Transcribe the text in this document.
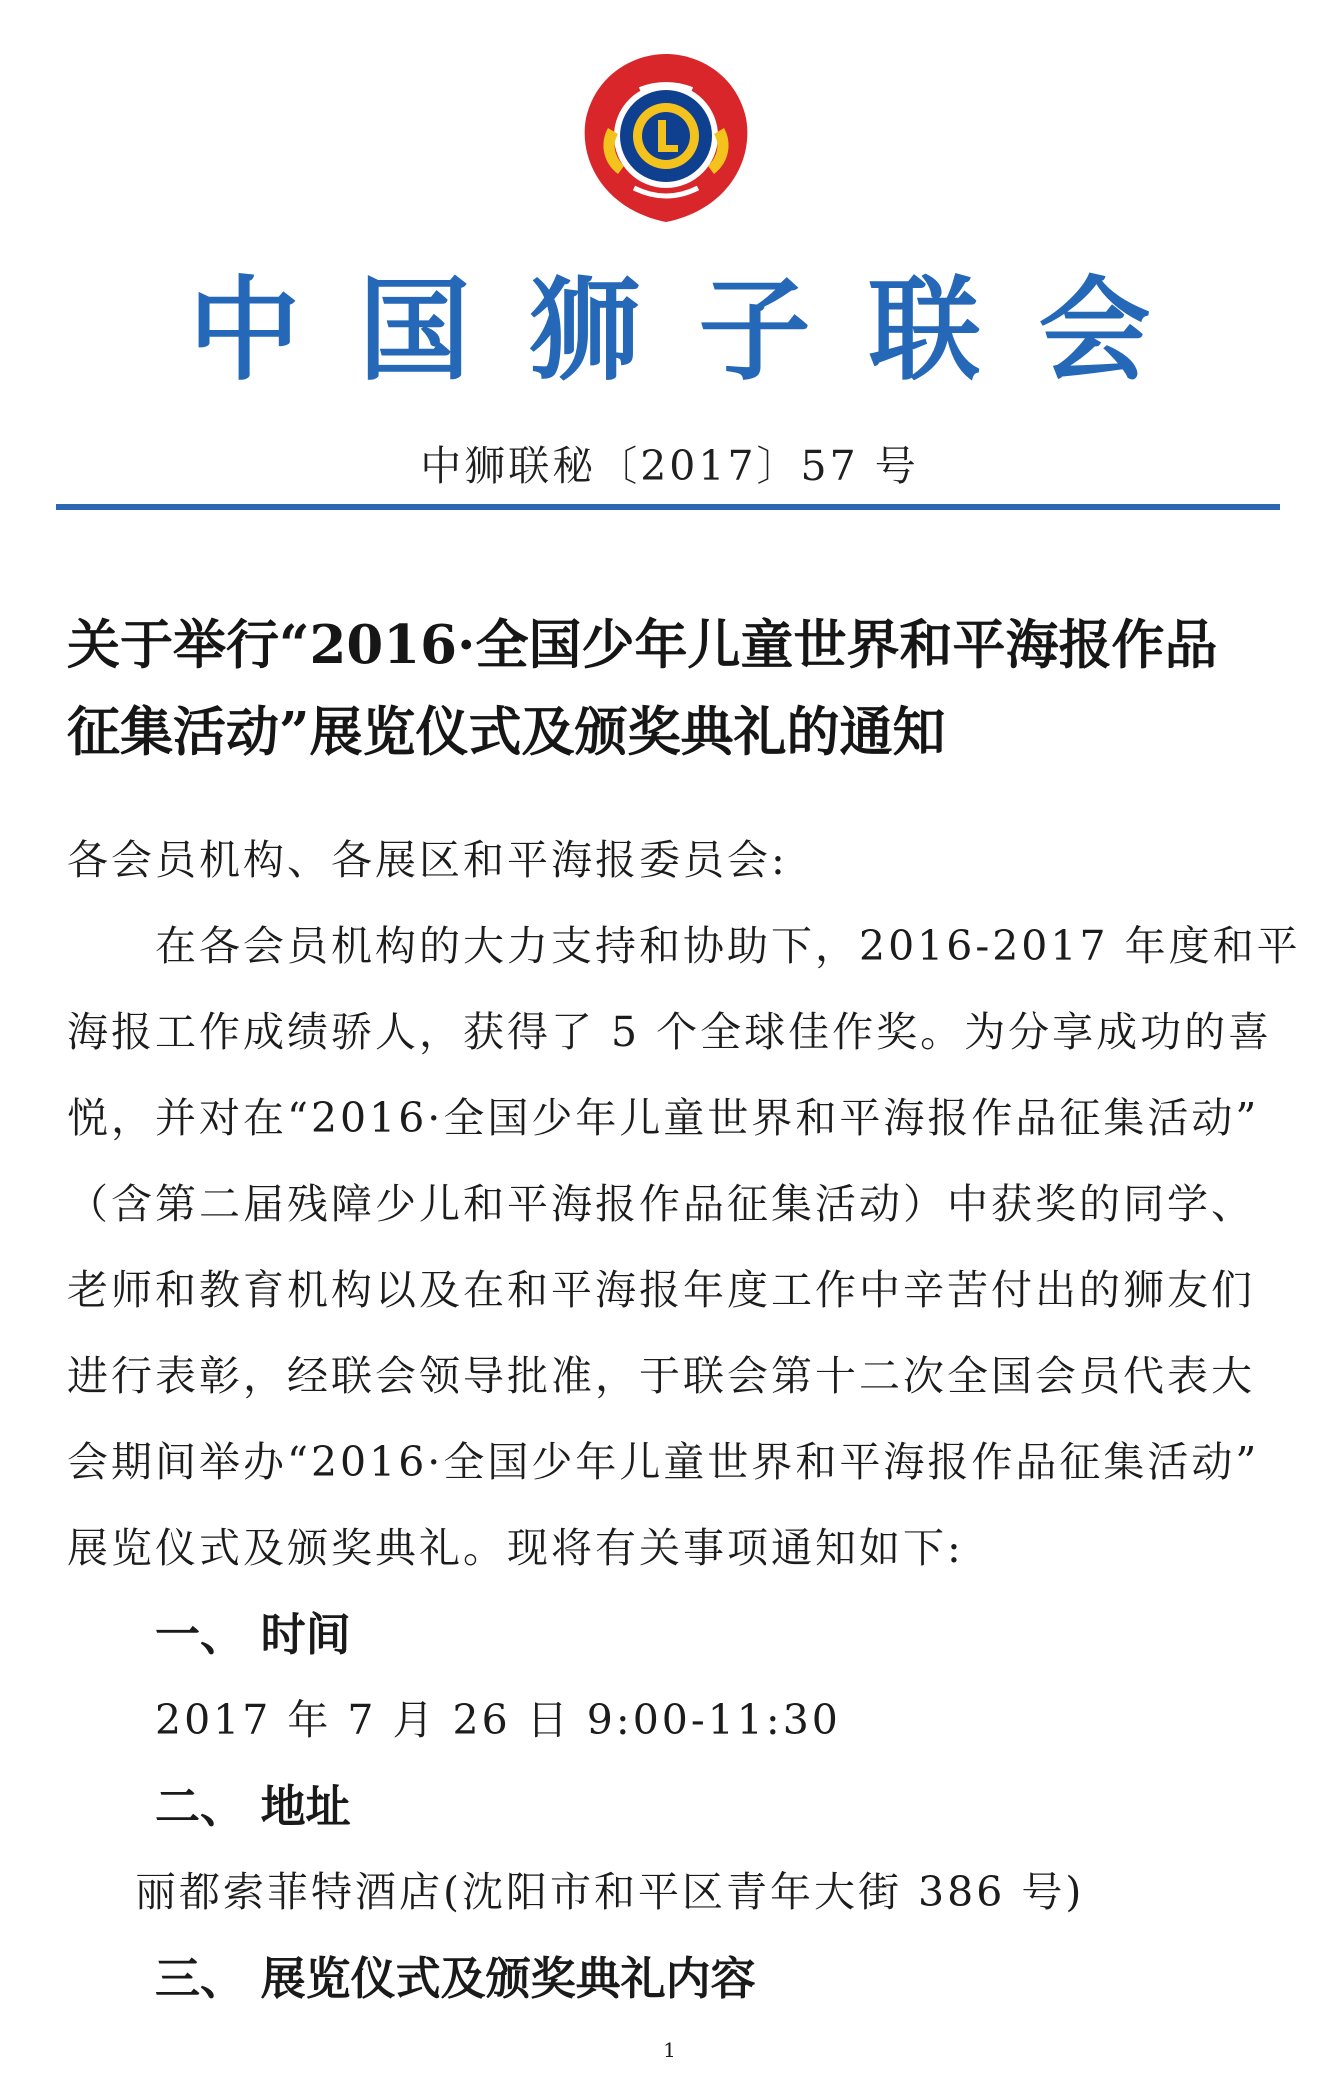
中国狮子联会
中狮联秘〔2017〕57 号
关于举行“2016·全国少年儿童世界和平海报作品
征集活动”展览仪式及颁奖典礼的通知
各会员机构、各展区和平海报委员会:
在各会员机构的大力支持和协助下，2016-2017 年度和平
海报工作成绩骄人，获得了 5 个全球佳作奖。为分享成功的喜
悦，并对在“2016·全国少年儿童世界和平海报作品征集活动”
（含第二届残障少儿和平海报作品征集活动）中获奖的同学、
老师和教育机构以及在和平海报年度工作中辛苦付出的狮友们
进行表彰，经联会领导批准，于联会第十二次全国会员代表大
会期间举办“2016·全国少年儿童世界和平海报作品征集活动”
展览仪式及颁奖典礼。现将有关事项通知如下:
一、 时间
2017 年 7 月 26 日 9:00-11:30
二、 地址
丽都索菲特酒店(沈阳市和平区青年大街 386 号)
三、 展览仪式及颁奖典礼内容
1
